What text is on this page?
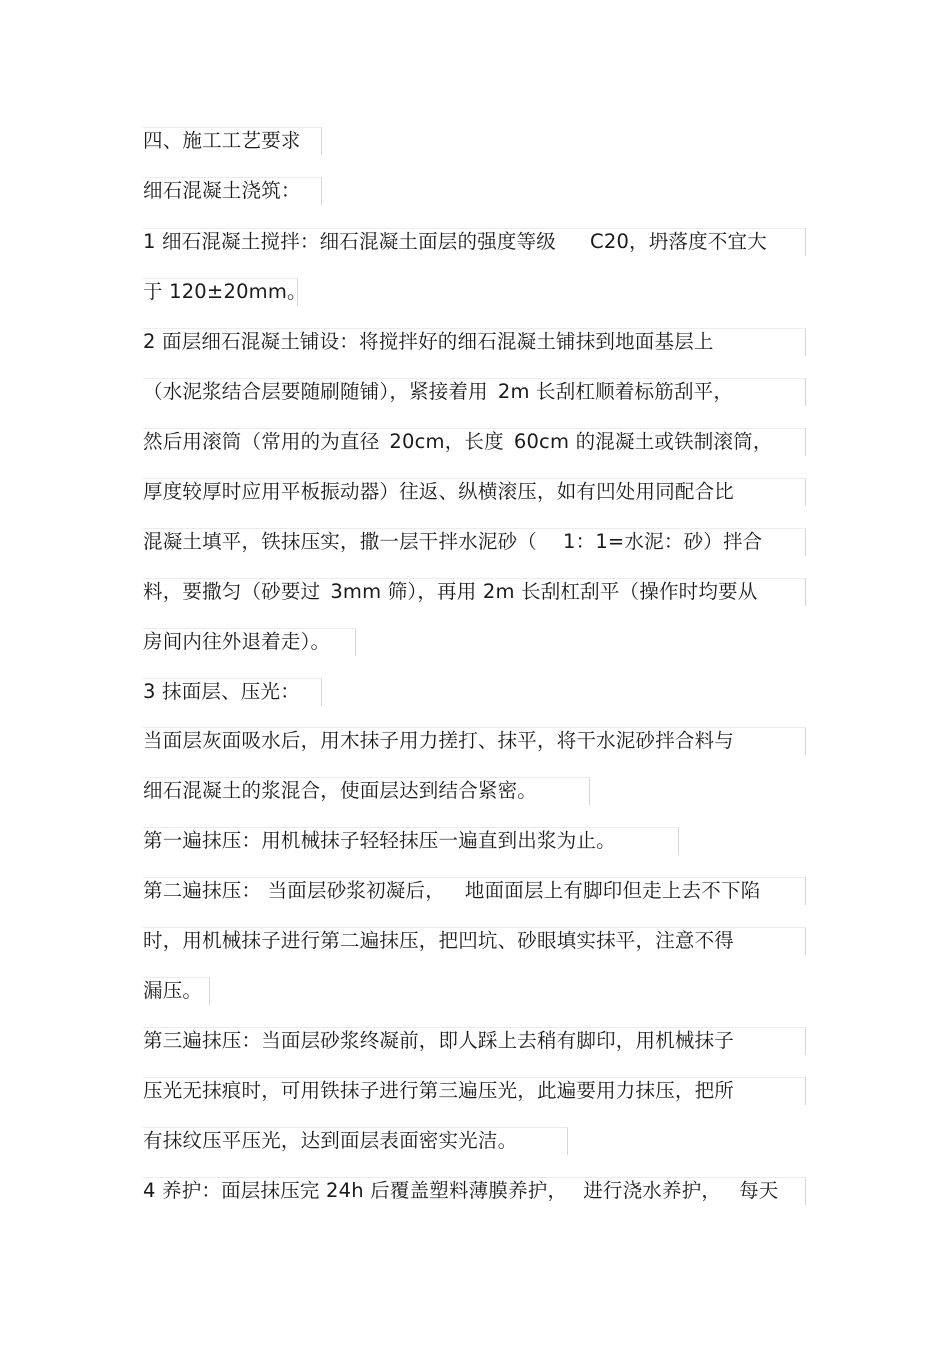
四、施工工艺要求
细石混凝土浇筑：
1 细石混凝土搅拌：细石混凝土面层的强度等级 C20，坍落度不宜大
于 120±20mm。
2 面层细石混凝土铺设：将搅拌好的细石混凝土铺抹到地面基层上
（水泥浆结合层要随刷随铺），紧接着用 2m 长刮杠顺着标筋刮平，
然后用滚筒（常用的为直径 20cm，长度 60cm 的混凝土或铁制滚筒，
厚度较厚时应用平板振动器）往返、纵横滚压，如有凹处用同配合比
混凝土填平，铁抹压实，撒一层干拌水泥砂（ 1：1=水泥：砂）拌合
料，要撒匀（砂要过 3mm 筛），再用 2m 长刮杠刮平（操作时均要从
房间内往外退着走）。
3 抹面层、压光：
当面层灰面吸水后，用木抹子用力搓打、抹平，将干水泥砂拌合料与
细石混凝土的浆混合，使面层达到结合紧密。
第一遍抹压：用机械抹子轻轻抹压一遍直到出浆为止。
第二遍抹压： 当面层砂浆初凝后， 地面面层上有脚印但走上去不下陷
时，用机械抹子进行第二遍抹压，把凹坑、砂眼填实抹平，注意不得
漏压。
第三遍抹压：当面层砂浆终凝前，即人踩上去稍有脚印，用机械抹子
压光无抹痕时，可用铁抹子进行第三遍压光，此遍要用力抹压，把所
有抹纹压平压光，达到面层表面密实光洁。
4 养护：面层抹压完 24h 后覆盖塑料薄膜养护， 进行浇水养护， 每天
